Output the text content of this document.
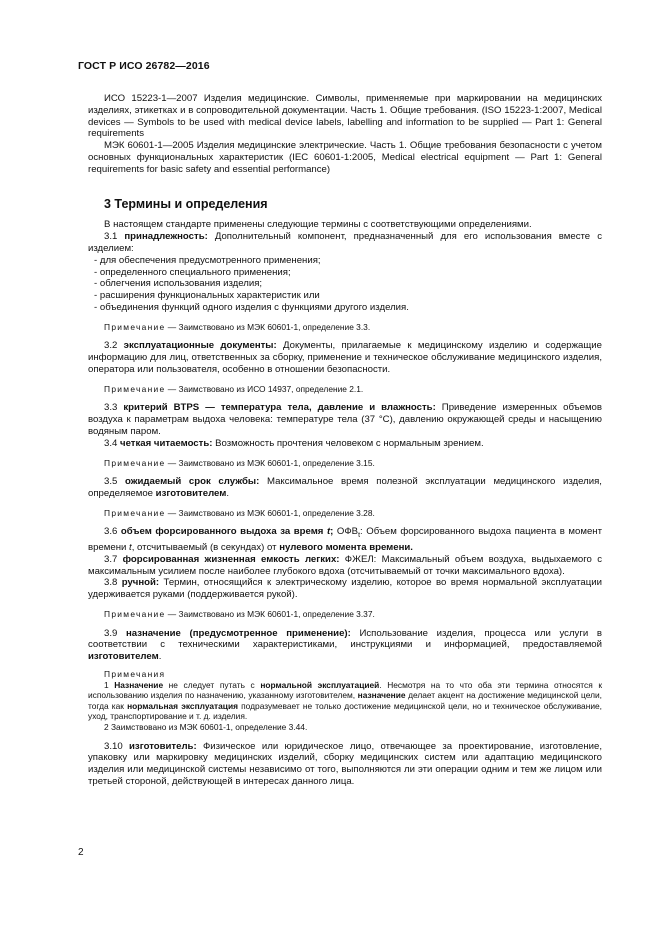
ГОСТ Р ИСО 26782—2016

ИСО 15223-1—2007 Изделия медицинские. Символы, применяемые при маркировании на медицинских изделиях, этикетках и в сопроводительной документации. Часть 1. Общие требования. (ISO 15223-1:2007, Medical devices — Symbols to be used with medical device labels, labelling and information to be supplied — Part 1: General requirements

МЭК 60601-1—2005 Изделия медицинские электрические. Часть 1. Общие требования безопасности с учетом основных функциональных характеристик (IEC 60601-1:2005, Medical electrical equipment — Part 1: General requirements for basic safety and essential performance)

3 Термины и определения

В настоящем стандарте применены следующие термины с соответствующими определениями.

3.1 принадлежность: Дополнительный компонент, предназначенный для его использования вместе с изделием:

- для обеспечения предусмотренного применения;
- определенного специального применения;
- облегчения использования изделия;
- расширения функциональных характеристик или
- объединения функций одного изделия с функциями другого изделия.

Примечание — Заимствовано из МЭК 60601-1, определение 3.3.

3.2 эксплуатационные документы: Документы, прилагаемые к медицинскому изделию и содержащие информацию для лиц, ответственных за сборку, применение и техническое обслуживание медицинского изделия, оператора или пользователя, особенно в отношении безопасности.

Примечание — Заимствовано из ИСО 14937, определение 2.1.

3.3 критерий BTPS — температура тела, давление и влажность: Приведение измеренных объемов воздуха к параметрам выдоха человека: температуре тела (37 °С), давлению окружающей среды и насыщению водяным паром.

3.4 четкая читаемость: Возможность прочтения человеком с нормальным зрением.

Примечание — Заимствовано из МЭК 60601-1, определение 3.15.

3.5 ожидаемый срок службы: Максимальное время полезной эксплуатации медицинского изделия, определяемое изготовителем.

Примечание — Заимствовано из МЭК 60601-1, определение 3.28.

3.6 объем форсированного выдоха за время t; $ОФВ_t$: Объем форсированного выдоха пациента в момент времени t, отсчитываемый (в секундах) от нулевого момента времени.

3.7 форсированная жизненная емкость легких: ФЖЕЛ: Максимальный объем воздуха, выдыхаемого с максимальным усилием после наиболее глубокого вдоха (отсчитываемый от точки максимального вдоха).

3.8 ручной: Термин, относящийся к электрическому изделию, которое во время нормальной эксплуатации удерживается руками (поддерживается рукой).

Примечание — Заимствовано из МЭК 60601-1, определение 3.37.

3.9 назначение (предусмотренное применение): Использование изделия, процесса или услуги в соответствии с техническими характеристиками, инструкциями и информацией, предоставляемой изготовителем.

Примечания

1 Назначение не следует путать с нормальной эксплуатацией. Несмотря на то что оба эти термина относятся к использованию изделия по назначению, указанному изготовителем, назначение делает акцент на достижение медицинской цели, тогда как нормальная эксплуатация подразумевает не только достижение медицинской цели, но и техническое обслуживание, уход, транспортирование и т. д. изделия.

2 Заимствовано из МЭК 60601-1, определение 3.44.

3.10 изготовитель: Физическое или юридическое лицо, отвечающее за проектирование, изготовление, упаковку или маркировку медицинских изделий, сборку медицинских систем или адаптацию медицинского изделия или медицинской системы независимо от того, выполняются ли эти операции одним и тем же лицом или третьей стороной, действующей в интересах данного лица.

2
